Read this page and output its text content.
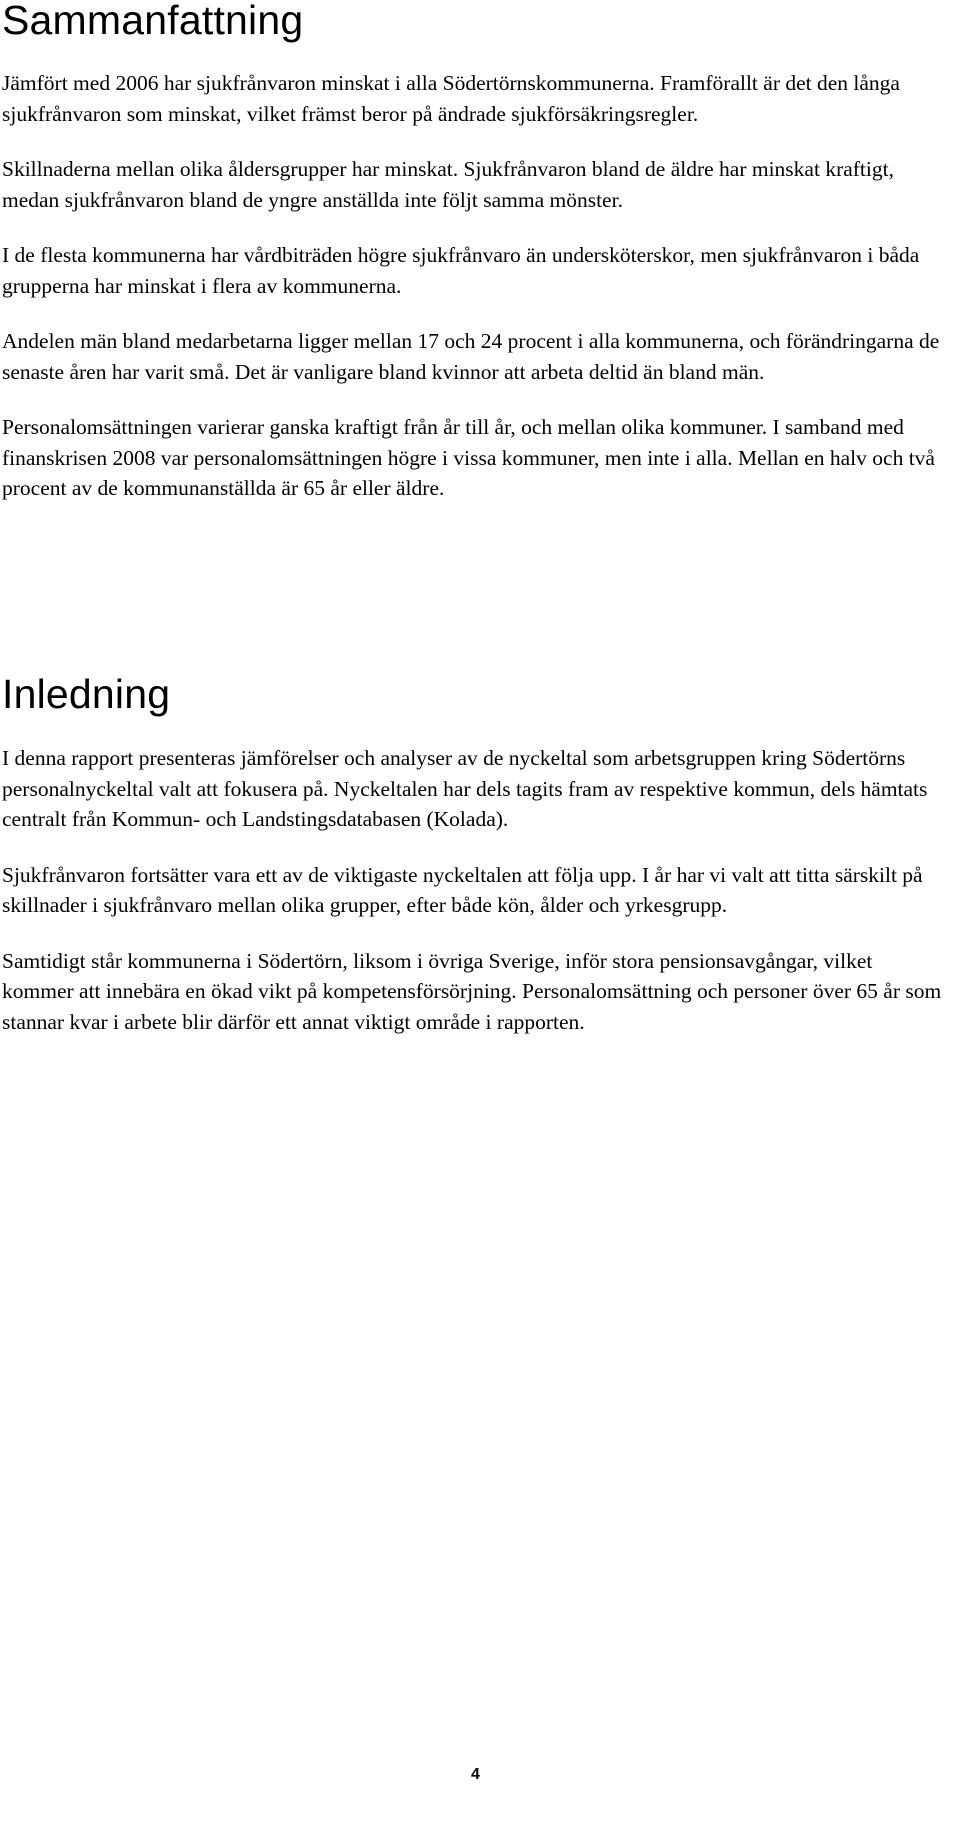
Sammanfattning

Jämfört med 2006 har sjukfrånvaron minskat i alla Södertörnskommunerna. Framförallt är det den långa sjukfrånvaron som minskat, vilket främst beror på ändrade sjukförsäkringsregler.

Skillnaderna mellan olika åldersgrupper har minskat. Sjukfrånvaron bland de äldre har minskat kraftigt, medan sjukfrånvaron bland de yngre anställda inte följt samma mönster.

I de flesta kommunerna har vårdbiträden högre sjukfrånvaro än undersköterskor, men sjukfrånvaron i båda grupperna har minskat i flera av kommunerna.

Andelen män bland medarbetarna ligger mellan 17 och 24 procent i alla kommunerna, och förändringarna de senaste åren har varit små. Det är vanligare bland kvinnor att arbeta deltid än bland män.

Personalomsättningen varierar ganska kraftigt från år till år, och mellan olika kommuner. I samband med finanskrisen 2008 var personalomsättningen högre i vissa kommuner, men inte i alla. Mellan en halv och två procent av de kommunanställda är 65 år eller äldre.

Inledning

I denna rapport presenteras jämförelser och analyser av de nyckeltal som arbetsgruppen kring Södertörns personalnyckeltal valt att fokusera på. Nyckeltalen har dels tagits fram av respektive kommun, dels hämtats centralt från Kommun- och Landstingsdatabasen (Kolada).

Sjukfrånvaron fortsätter vara ett av de viktigaste nyckeltalen att följa upp. I år har vi valt att titta särskilt på skillnader i sjukfrånvaro mellan olika grupper, efter både kön, ålder och yrkesgrupp.

Samtidigt står kommunerna i Södertörn, liksom i övriga Sverige, inför stora pensionsavgångar, vilket kommer att innebära en ökad vikt på kompetensförsörjning. Personalomsättning och personer över 65 år som stannar kvar i arbete blir därför ett annat viktigt område i rapporten.

4
